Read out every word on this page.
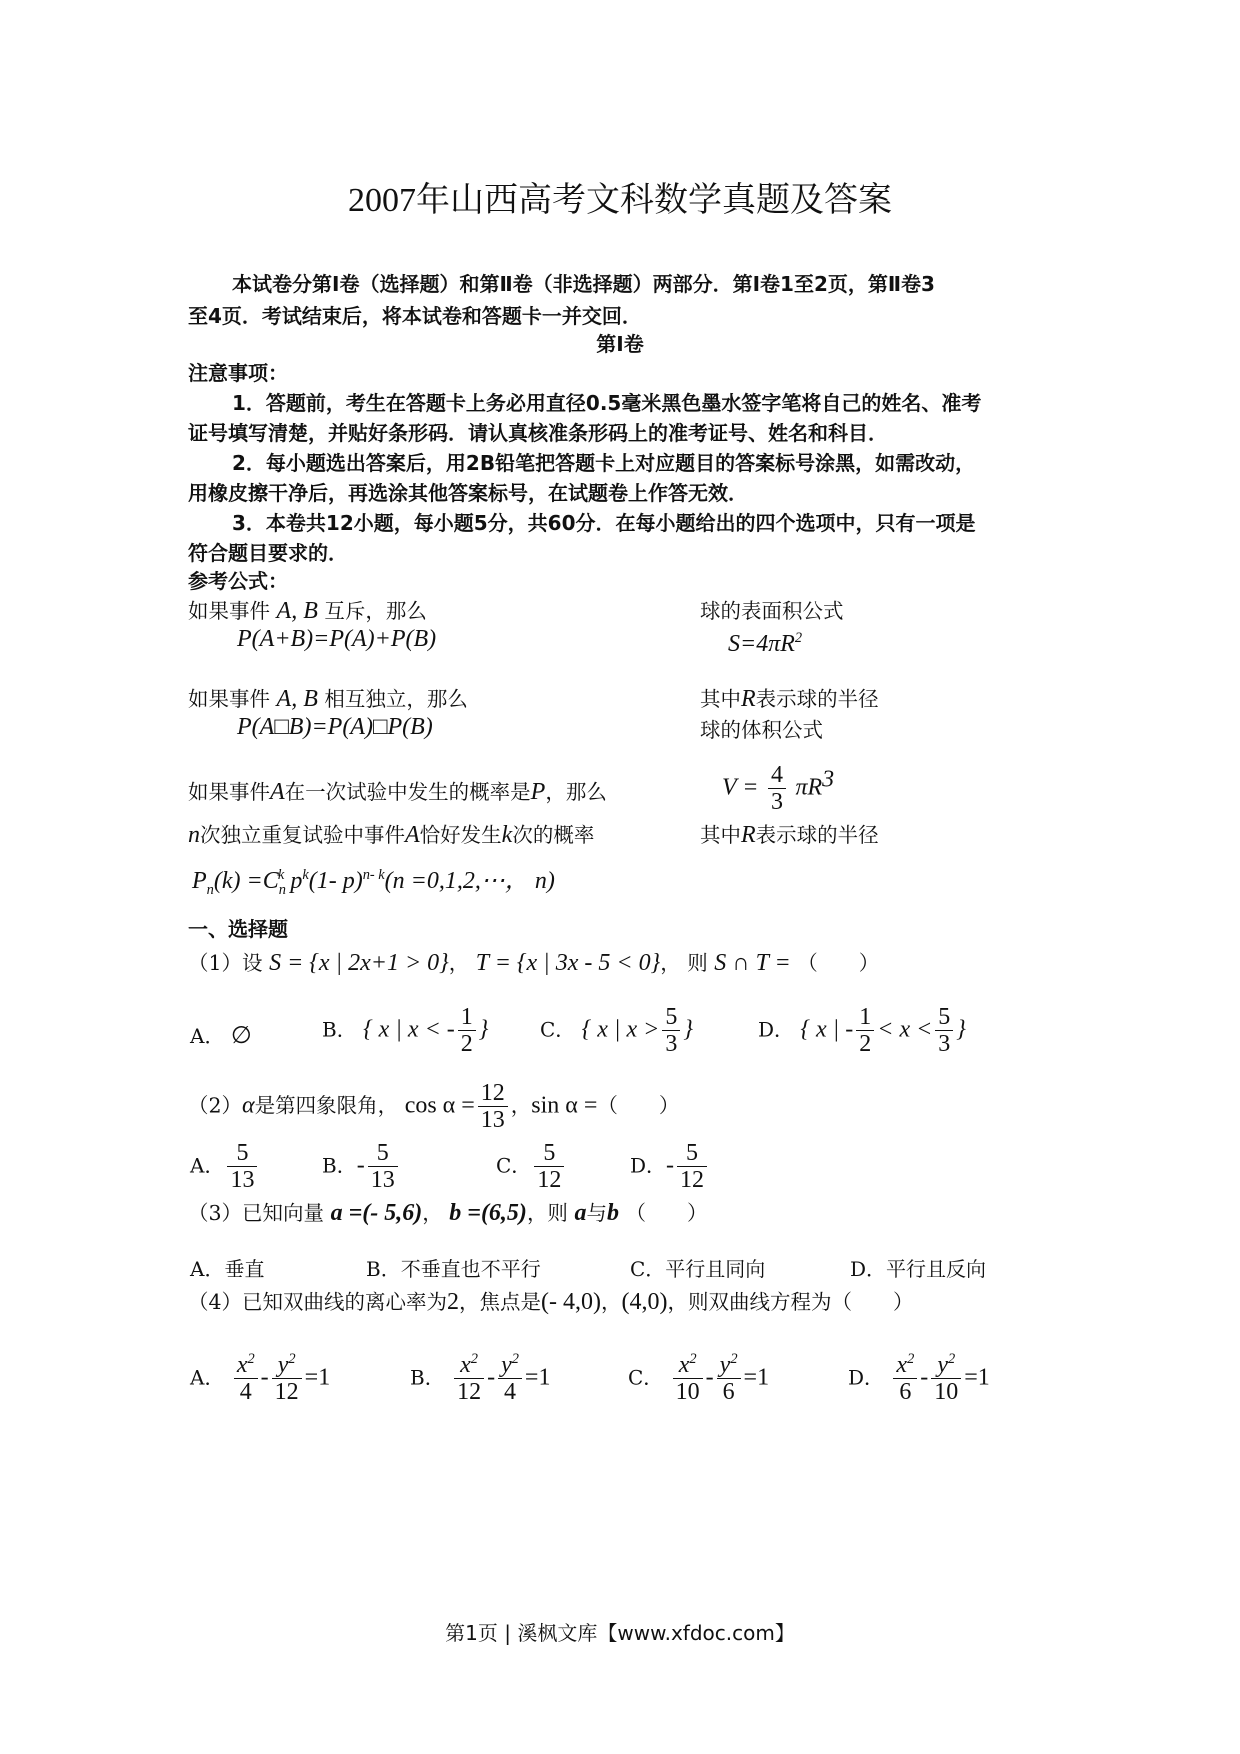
2007年山西高考文科数学真题及答案
本试卷分第Ⅰ卷（选择题）和第Ⅱ卷（非选择题）两部分．第Ⅰ卷1至2页，第Ⅱ卷3
至4页．考试结束后，将本试卷和答题卡一并交回．
第Ⅰ卷
注意事项：
1．答题前，考生在答题卡上务必用直径0.5毫米黑色墨水签字笔将自己的姓名、准考
证号填写清楚，并贴好条形码．请认真核准条形码上的准考证号、姓名和科目．
2．每小题选出答案后，用2B铅笔把答题卡上对应题目的答案标号涂黑，如需改动，
用橡皮擦干净后，再选涂其他答案标号，在试题卷上作答无效．
3．本卷共12小题，每小题5分，共60分．在每小题给出的四个选项中，只有一项是
符合题目要求的．
参考公式：
如果事件 A, B 互斥，那么
P(A+B)=P(A)+P(B)
如果事件 A, B 相互独立，那么
P(A□B)=P(A)□P(B)
如果事件A在一次试验中发生的概率是P，那么
n次独立重复试验中事件A恰好发生k次的概率
$P_n(k) =C_n^k$ $p^k(1-$ p)$^{n- k}$(n =0,1,2,⋯， n)
球的表面积公式
$S=4\pi R^2$
其中R表示球的半径
球的体积公式
$V = \frac{4}{3} \pi R^3$
其中R表示球的半径
一、选择题
（1）设 S = {x | 2x+1 > 0}， T = {x | 3x - 5 < 0}， 则 S ∩ T = （　　）
A． ∅	B． { x | x < - $\frac{1}{2}$ }	C． { x | $x > \frac{5}{3}$ }	D． { x | - $\frac{1}{2} < x < \frac{5}{3}$ }
（2）α是第四象限角， $\cos \alpha = \frac{12}{13}$ ，sin α =（　　）
A． $\frac{5}{13}$	B．- $\frac{5}{13}$	C． $\frac{5}{12}$	D．- $\frac{5}{12}$
（3）已知向量 a =(- 5,6)， b =(6,5)，则 a与b （　　）
A．垂直	B．不垂直也不平行	C．平行且同向	D．平行且反向
（4）已知双曲线的离心率为2，焦点是(- 4,0)，(4,0)，则双曲线方程为（　　）
A． $\frac{x^2}{4} - \frac{y^2}{12} =1$	B． $\frac{x^2}{12} - \frac{y^2}{4} =1$	C． $\frac{x^2}{10} - \frac{y^2}{6} =1$	D． $\frac{x^2}{6} - \frac{y^2}{10} =1$
第1页 | 溪枫文库【www.xfdoc.com】
